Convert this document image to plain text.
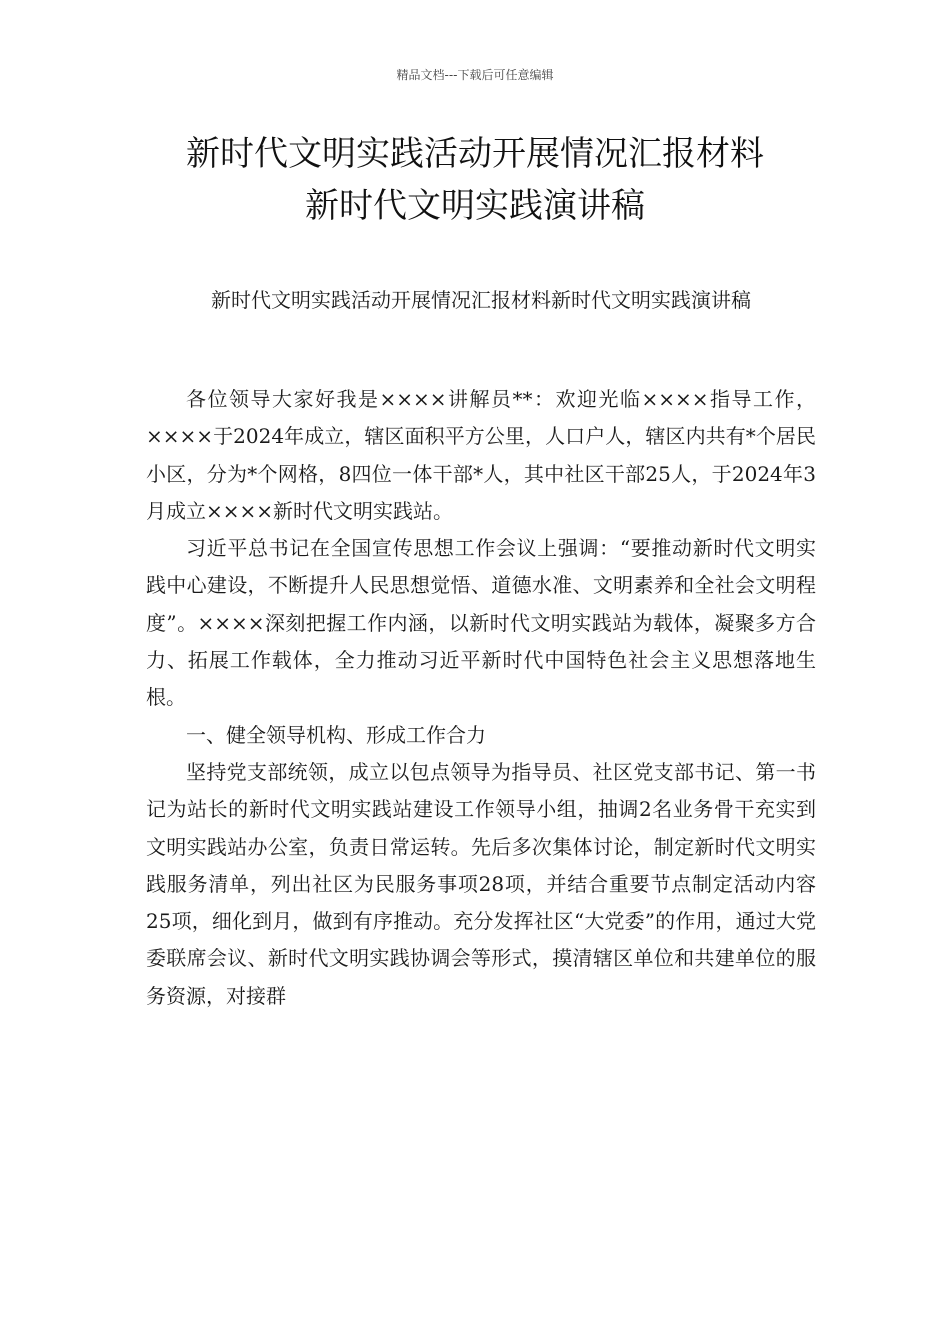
精品文档---下载后可任意编辑
新时代文明实践活动开展情况汇报材料
新时代文明实践演讲稿
新时代文明实践活动开展情况汇报材料新时代文明实践演讲稿

各位领导大家好我是××××讲解员**：欢迎光临××××指导工作，××××于2024年成立，辖区面积平方公里，人口户人，辖区内共有*个居民小区，分为*个网格，8四位一体干部*人，其中社区干部25人，于2024年3月成立××××新时代文明实践站。

习近平总书记在全国宣传思想工作会议上强调：“要推动新时代文明实践中心建设，不断提升人民思想觉悟、道德水准、文明素养和全社会文明程度”。××××深刻把握工作内涵，以新时代文明实践站为载体，凝聚多方合力、拓展工作载体，全力推动习近平新时代中国特色社会主义思想落地生根。

一、健全领导机构、形成工作合力

坚持党支部统领，成立以包点领导为指导员、社区党支部书记、第一书记为站长的新时代文明实践站建设工作领导小组，抽调2名业务骨干充实到文明实践站办公室，负责日常运转。先后多次集体讨论，制定新时代文明实践服务清单，列出社区为民服务事项28项，并结合重要节点制定活动内容25项，细化到月，做到有序推动。充分发挥社区“大党委”的作用，通过大党委联席会议、新时代文明实践协调会等形式，摸清辖区单位和共建单位的服务资源，对接群
